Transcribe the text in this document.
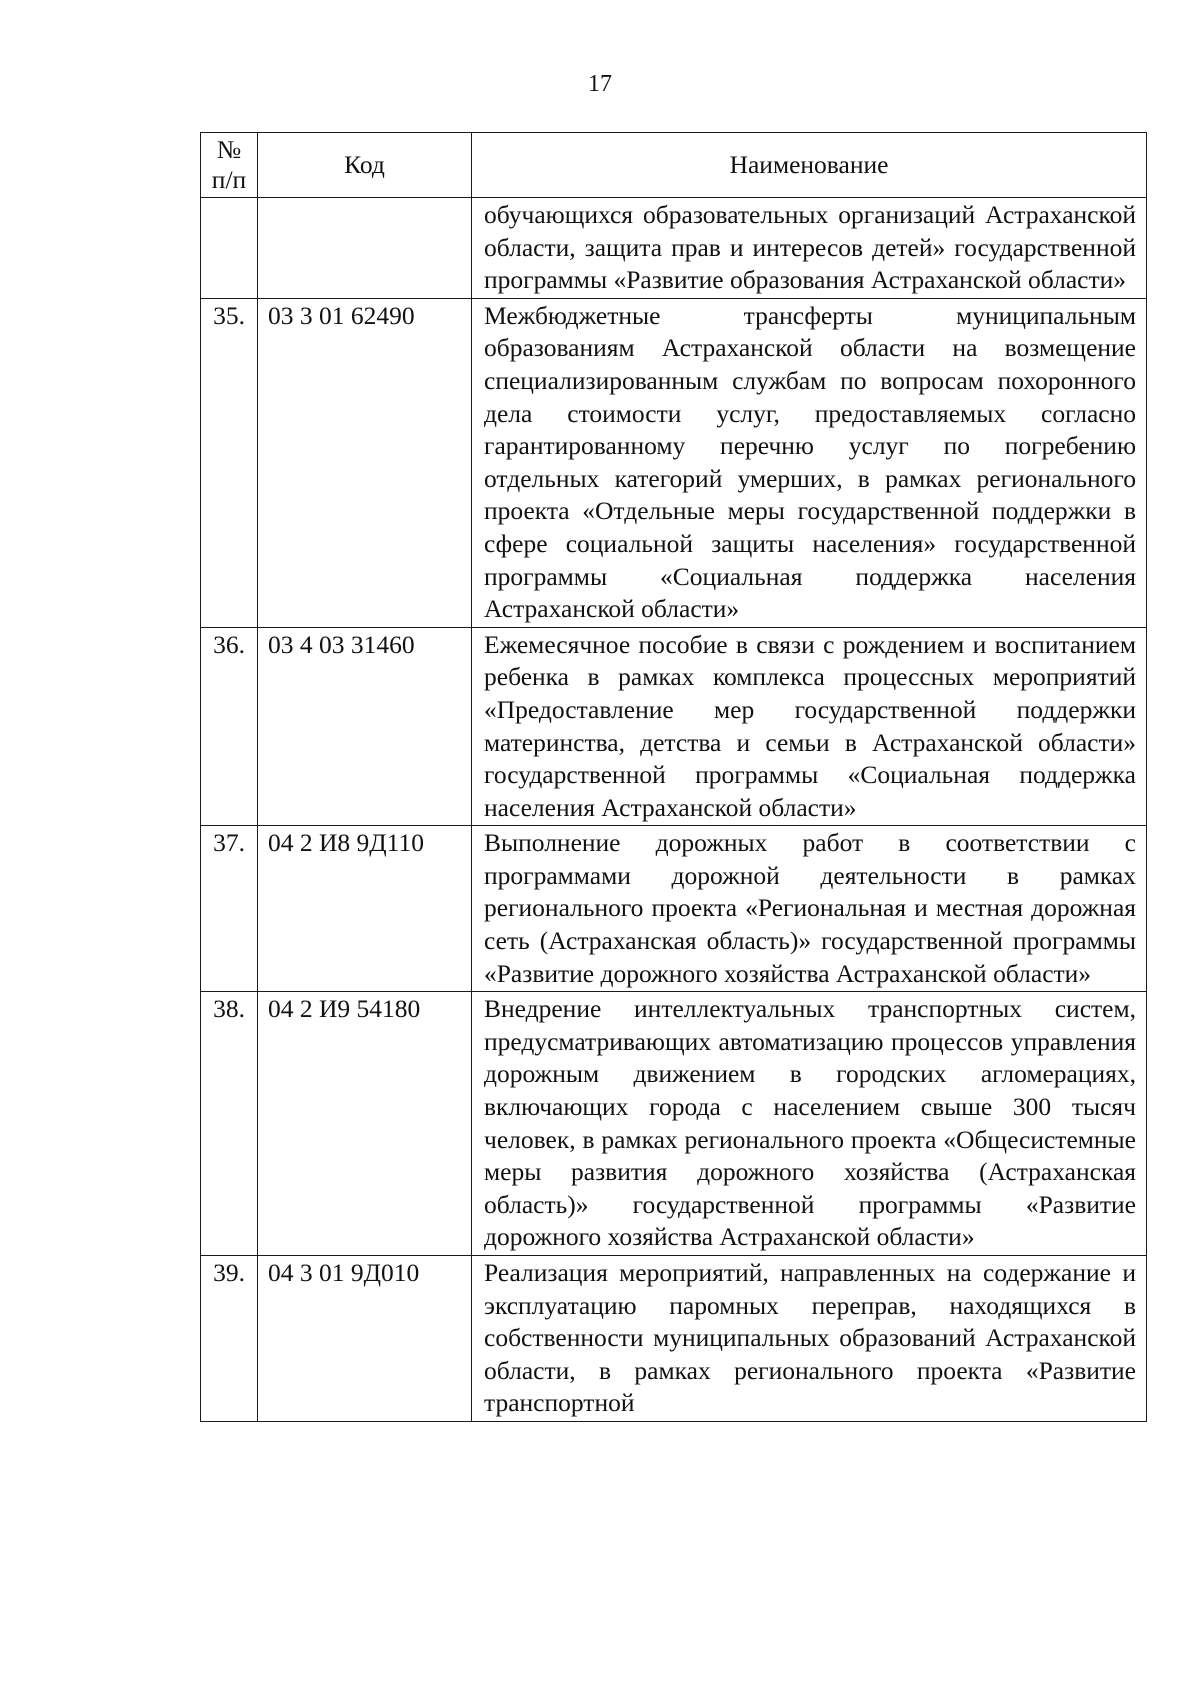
17
№
п/п	Код	Наименование
		обучающихся образовательных организаций Астраханской области, защита прав и интересов детей» государственной программы «Развитие образования Астраханской области»
35.	03 3 01 62490	Межбюджетные трансферты муниципальным образованиям Астраханской области на возмещение специализированным службам по вопросам похоронного дела стоимости услуг, предоставляемых согласно гарантированному перечню услуг по погребению отдельных категорий умерших, в рамках регионального проекта «Отдельные меры государственной поддержки в сфере социальной защиты населения» государственной программы «Социальная поддержка населения Астраханской области»
36.	03 4 03 31460	Ежемесячное пособие в связи с рождением и воспитанием ребенка в рамках комплекса процессных мероприятий «Предоставление мер государственной поддержки материнства, детства и семьи в Астраханской области» государственной программы «Социальная поддержка населения Астраханской области»
37.	04 2 И8 9Д110	Выполнение дорожных работ в соответствии с программами дорожной деятельности в рамках регионального проекта «Региональная и местная дорожная сеть (Астраханская область)» государственной программы «Развитие дорожного хозяйства Астраханской области»
38.	04 2 И9 54180	Внедрение интеллектуальных транспортных систем, предусматривающих автоматизацию процессов управления дорожным движением в городских агломерациях, включающих города с населением свыше 300 тысяч человек, в рамках регионального проекта «Общесистемные меры развития дорожного хозяйства (Астраханская область)» государственной программы «Развитие дорожного хозяйства Астраханской области»
39.	04 3 01 9Д010	Реализация мероприятий, направленных на содержание и эксплуатацию паромных переправ, находящихся в собственности муниципальных образований Астраханской области, в рамках регионального проекта «Развитие транспортной
